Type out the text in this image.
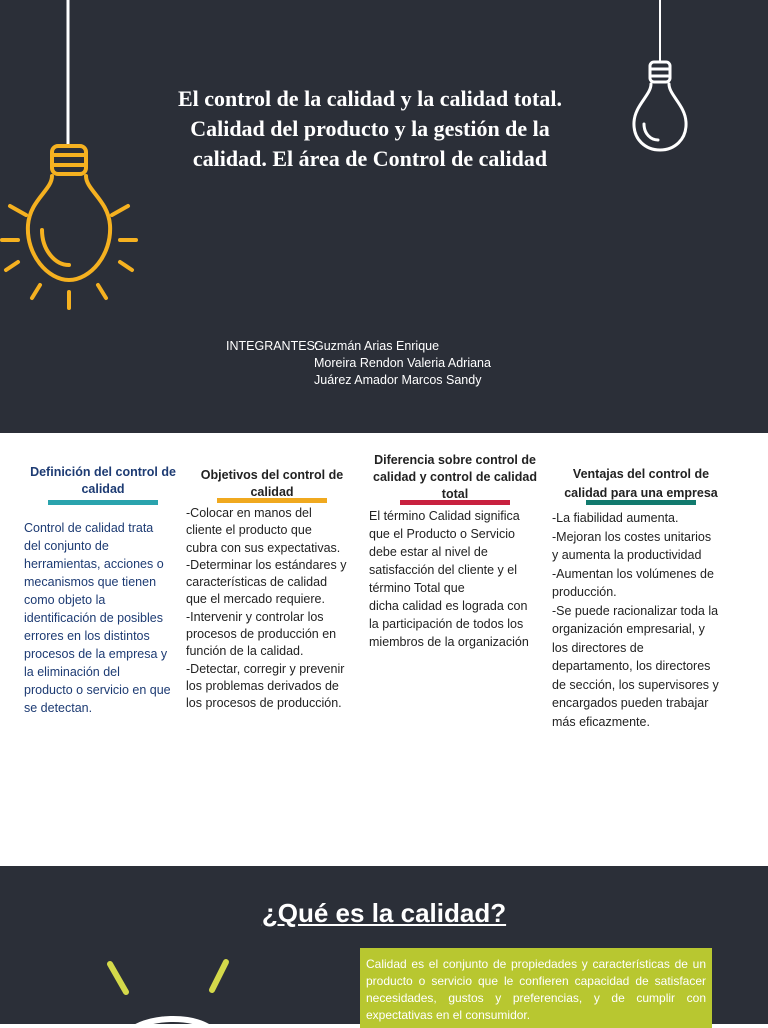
El control de la calidad y la calidad total.
Calidad del producto y la gestión de la
calidad. El área de Control de calidad
INTEGRANTES:
Guzmán Arias Enrique
Moreira Rendon Valeria Adriana
Juárez Amador Marcos Sandy
Definición del control de calidad
Control de calidad trata
del conjunto de
herramientas, acciones o
mecanismos que tienen
como objeto la
identificación de posibles
errores en los distintos
procesos de la empresa y
la eliminación del
producto o servicio en que
se detectan.
Objetivos del control de calidad
-Colocar en manos del
cliente el producto que
cubra con sus expectativas.
-Determinar los estándares y
características de calidad
que el mercado requiere.
-Intervenir y controlar los
procesos de producción en
función de la calidad.
-Detectar, corregir y prevenir
los problemas derivados de
los procesos de producción.
Diferencia sobre control de calidad y control de calidad total
El término Calidad significa
que el Producto o Servicio
debe estar al nivel de
satisfacción del cliente y el
término Total que
dicha calidad es lograda con
la participación de todos los
miembros de la organización
Ventajas del control de calidad para una empresa
-La fiabilidad aumenta.
-Mejoran los costes unitarios
y aumenta la productividad
-Aumentan los volúmenes de
producción.
-Se puede racionalizar toda la
organización empresarial, y
los directores de
departamento, los directores
de sección, los supervisores y
encargados pueden trabajar
más eficazmente.
¿Qué es la calidad?
Calidad es el conjunto de propiedades y características de un producto o servicio que le confieren capacidad de satisfacer necesidades, gustos y preferencias, y de cumplir con expectativas en el consumidor.
